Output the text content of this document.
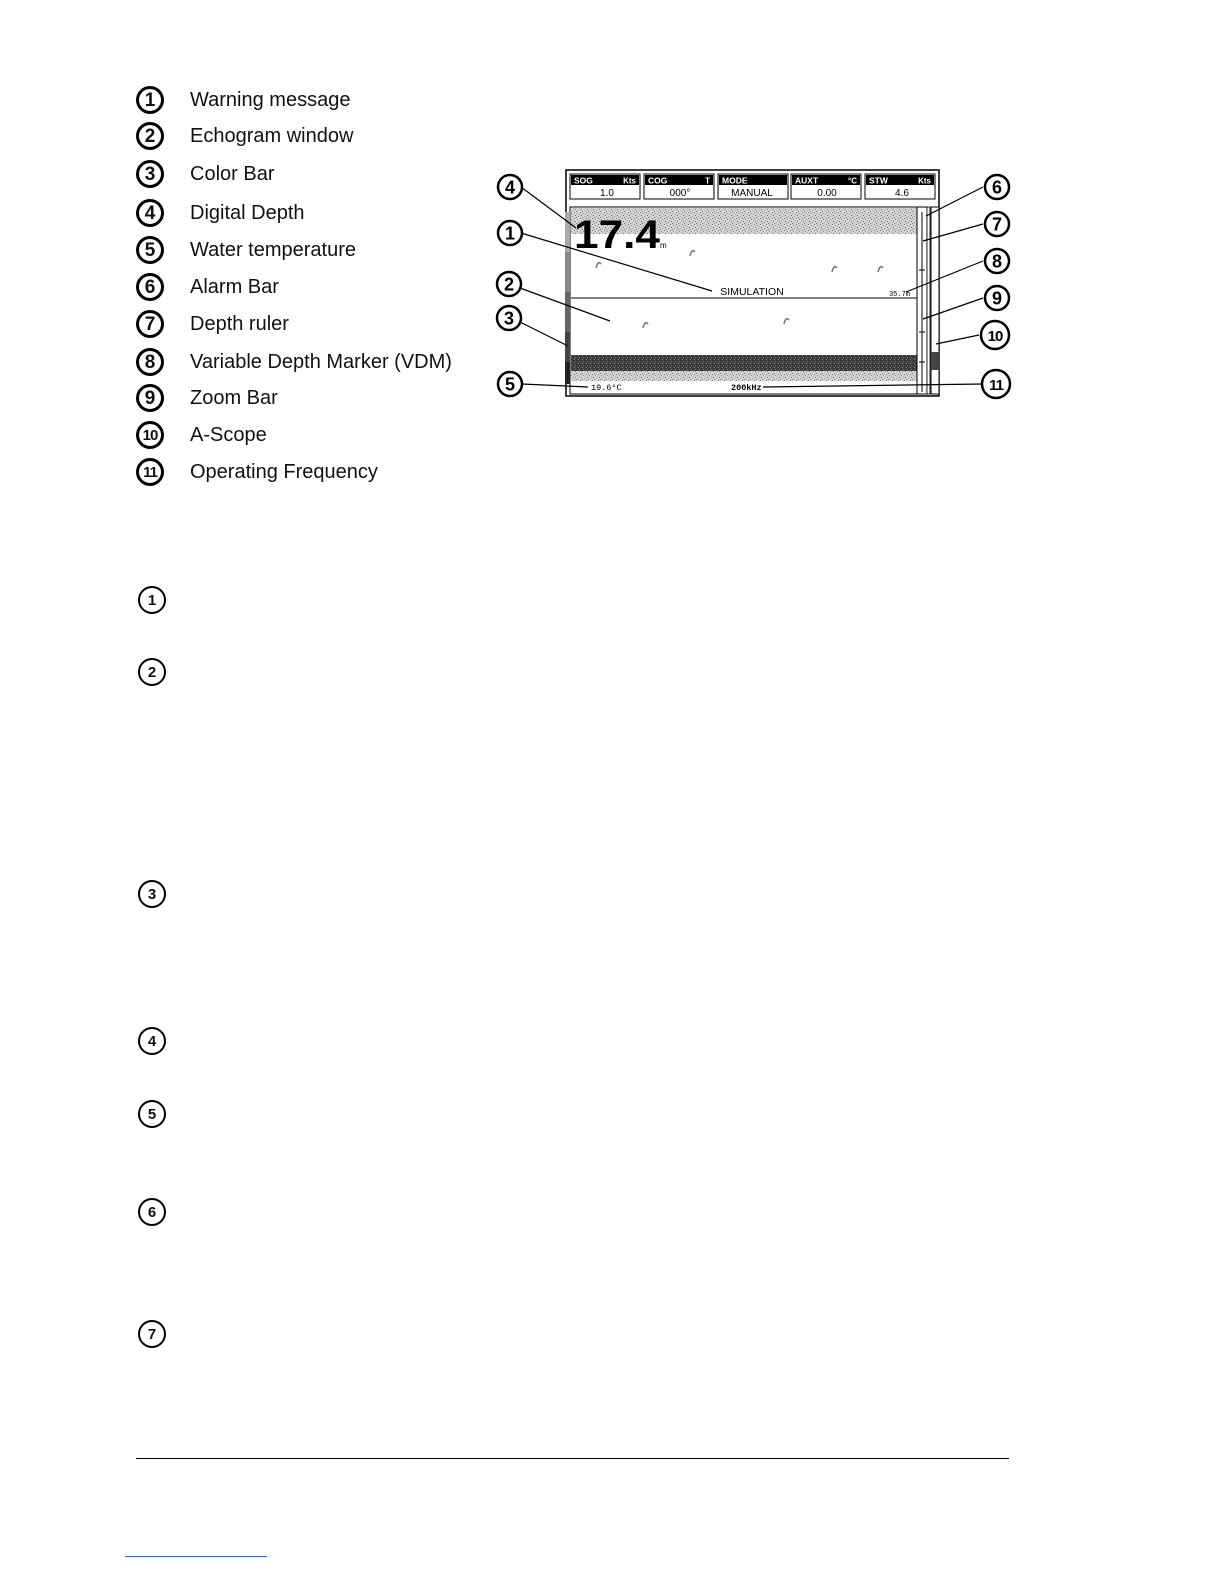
1	Warning message
2	Echogram window
3	Color Bar
4	Digital Depth
5	Water temperature
6	Alarm Bar
7	Depth ruler
8	Variable Depth Marker (VDM)
9	Zoom Bar
10	A-Scope
11	Operating Frequency
SOG	Kts
1.0
COG	T
000°
MODE
MANUAL
AUXT	°C
0.00
STW	Kts
4.6
17.4 m
SIMULATION	35.7m
19.6°C	200kHz
4
1
2
3
5
6
7
8
9
10
11
1
2
3
4
5
6
7
